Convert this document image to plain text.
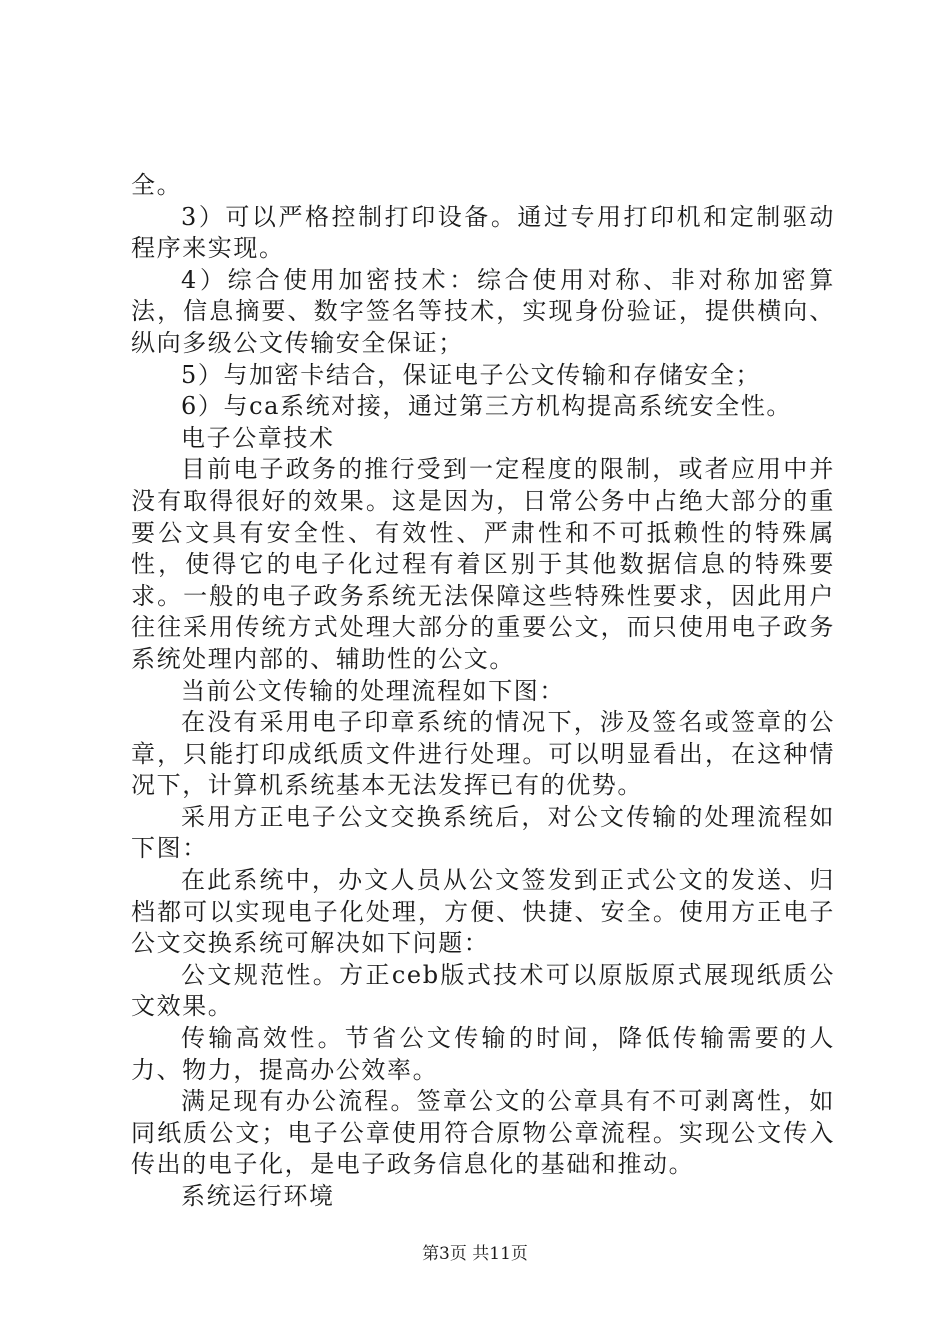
全。

3）可以严格控制打印设备。通过专用打印机和定制驱动程序来实现。

4）综合使用加密技术：综合使用对称、非对称加密算法，信息摘要、数字签名等技术，实现身份验证，提供横向、纵向多级公文传输安全保证；

5）与加密卡结合，保证电子公文传输和存储安全；

6）与ca系统对接，通过第三方机构提高系统安全性。

电子公章技术

目前电子政务的推行受到一定程度的限制，或者应用中并没有取得很好的效果。这是因为，日常公务中占绝大部分的重要公文具有安全性、有效性、严肃性和不可抵赖性的特殊属性，使得它的电子化过程有着区别于其他数据信息的特殊要求。一般的电子政务系统无法保障这些特殊性要求，因此用户往往采用传统方式处理大部分的重要公文，而只使用电子政务系统处理内部的、辅助性的公文。

当前公文传输的处理流程如下图：

在没有采用电子印章系统的情况下，涉及签名或签章的公章，只能打印成纸质文件进行处理。可以明显看出，在这种情况下，计算机系统基本无法发挥已有的优势。

采用方正电子公文交换系统后，对公文传输的处理流程如下图：

在此系统中，办文人员从公文签发到正式公文的发送、归档都可以实现电子化处理，方便、快捷、安全。使用方正电子公文交换系统可解决如下问题：

公文规范性。方正ceb版式技术可以原版原式展现纸质公文效果。

传输高效性。节省公文传输的时间，降低传输需要的人力、物力，提高办公效率。

满足现有办公流程。签章公文的公章具有不可剥离性，如同纸质公文；电子公章使用符合原物公章流程。实现公文传入传出的电子化，是电子政务信息化的基础和推动。

系统运行环境

第3页 共11页
